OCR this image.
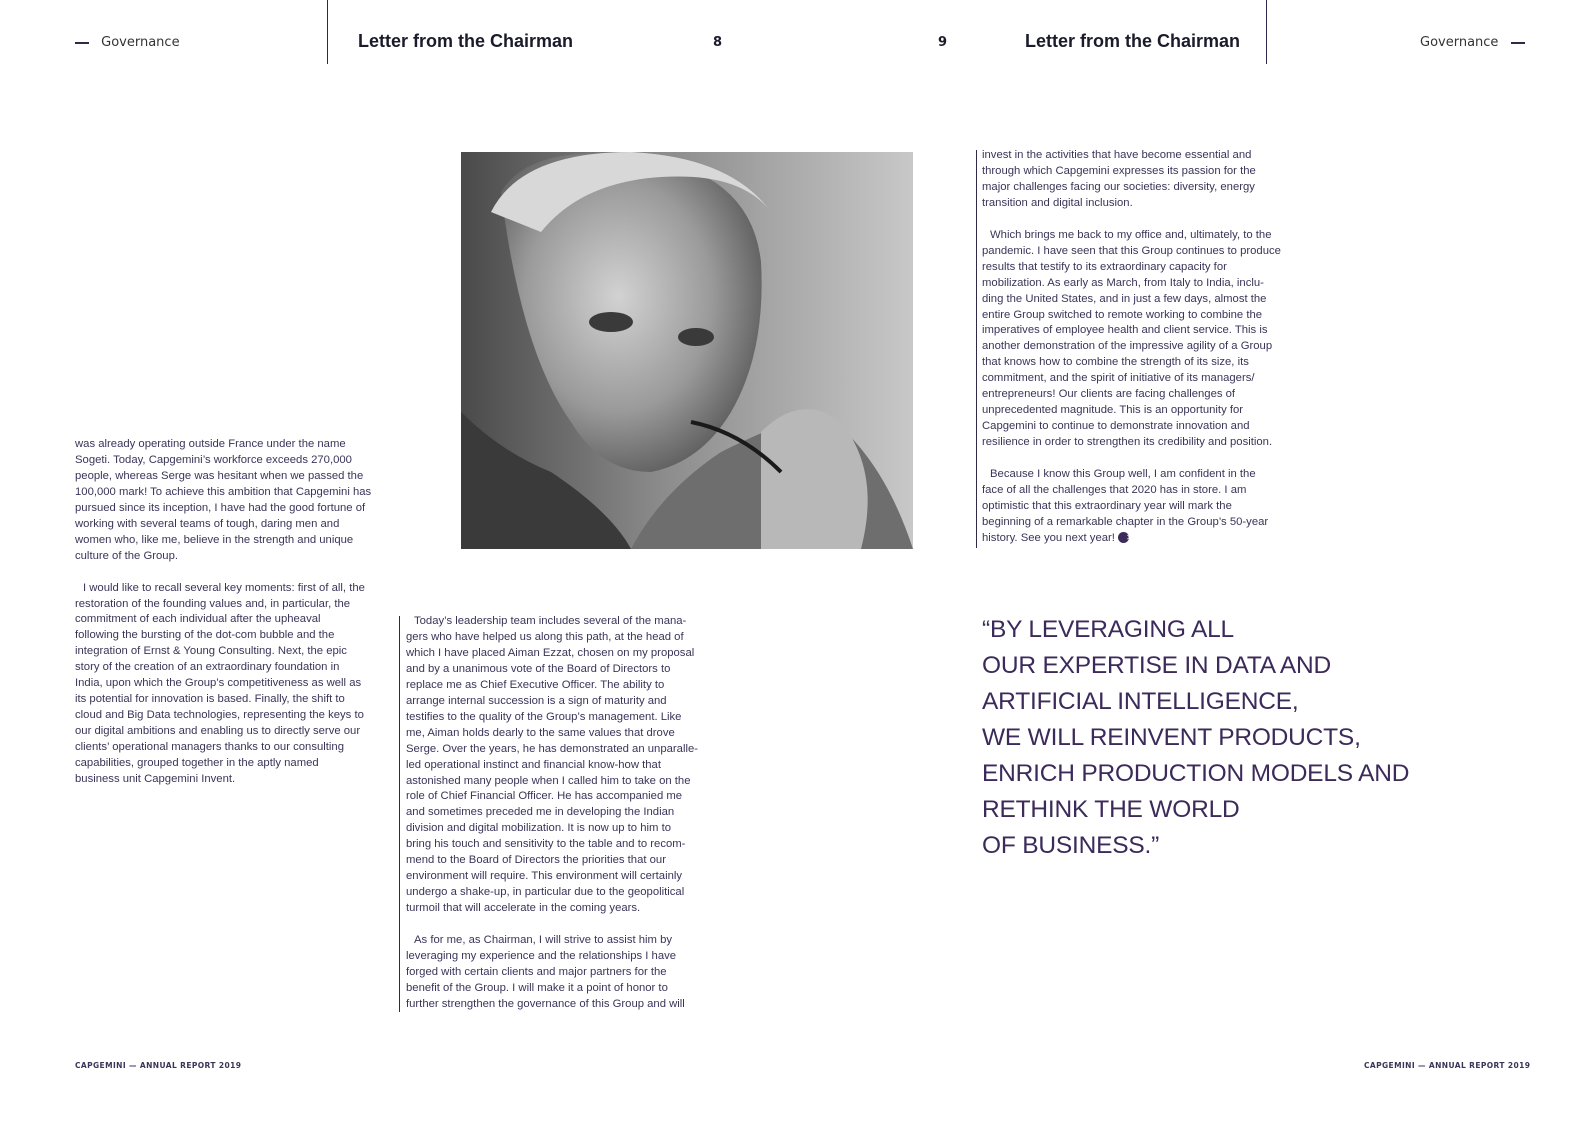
Governance	Letter from the Chairman	8	9	Letter from the Chairman	Governance

was already operating outside France under the name
Sogeti. Today, Capgemini’s workforce exceeds 270,000
people, whereas Serge was hesitant when we passed the
100,000 mark! To achieve this ambition that Capgemini has
pursued since its inception, I have had the good fortune of
working with several teams of tough, daring men and
women who, like me, believe in the strength and unique
culture of the Group.

I would like to recall several key moments: first of all, the
restoration of the founding values and, in particular, the
commitment of each individual after the upheaval
following the bursting of the dot-com bubble and the
integration of Ernst & Young Consulting. Next, the epic
story of the creation of an extraordinary foundation in
India, upon which the Group’s competitiveness as well as
its potential for innovation is based. Finally, the shift to
cloud and Big Data technologies, representing the keys to
our digital ambitions and enabling us to directly serve our
clients’ operational managers thanks to our consulting
capabilities, grouped together in the aptly named
business unit Capgemini Invent.

Today’s leadership team includes several of the mana-
gers who have helped us along this path, at the head of
which I have placed Aiman Ezzat, chosen on my proposal
and by a unanimous vote of the Board of Directors to
replace me as Chief Executive Officer. The ability to
arrange internal succession is a sign of maturity and
testifies to the quality of the Group’s management. Like
me, Aiman holds dearly to the same values that drove
Serge. Over the years, he has demonstrated an unparalle-
led operational instinct and financial know-how that
astonished many people when I called him to take on the
role of Chief Financial Officer. He has accompanied me
and sometimes preceded me in developing the Indian
division and digital mobilization. It is now up to him to
bring his touch and sensitivity to the table and to recom-
mend to the Board of Directors the priorities that our
environment will require. This environment will certainly
undergo a shake-up, in particular due to the geopolitical
turmoil that will accelerate in the coming years.

As for me, as Chairman, I will strive to assist him by
leveraging my experience and the relationships I have
forged with certain clients and major partners for the
benefit of the Group. I will make it a point of honor to
further strengthen the governance of this Group and will

invest in the activities that have become essential and
through which Capgemini expresses its passion for the
major challenges facing our societies: diversity, energy
transition and digital inclusion.

Which brings me back to my office and, ultimately, to the
pandemic. I have seen that this Group continues to produce
results that testify to its extraordinary capacity for
mobilization. As early as March, from Italy to India, inclu-
ding the United States, and in just a few days, almost the
entire Group switched to remote working to combine the
imperatives of employee health and client service. This is
another demonstration of the impressive agility of a Group
that knows how to combine the strength of its size, its
commitment, and the spirit of initiative of its managers/
entrepreneurs! Our clients are facing challenges of
unprecedented magnitude. This is an opportunity for
Capgemini to continue to demonstrate innovation and
resilience in order to strengthen its credibility and position.

Because I know this Group well, I am confident in the
face of all the challenges that 2020 has in store. I am
optimistic that this extraordinary year will mark the
beginning of a remarkable chapter in the Group’s 50-year
history. See you next year! ✕

“BY LEVERAGING ALL
OUR EXPERTISE IN DATA AND
ARTIFICIAL INTELLIGENCE,
WE WILL REINVENT PRODUCTS,
ENRICH PRODUCTION MODELS AND
RETHINK THE WORLD
OF BUSINESS.”
CAPGEMINI — ANNUAL REPORT 2019	CAPGEMINI — ANNUAL REPORT 2019
